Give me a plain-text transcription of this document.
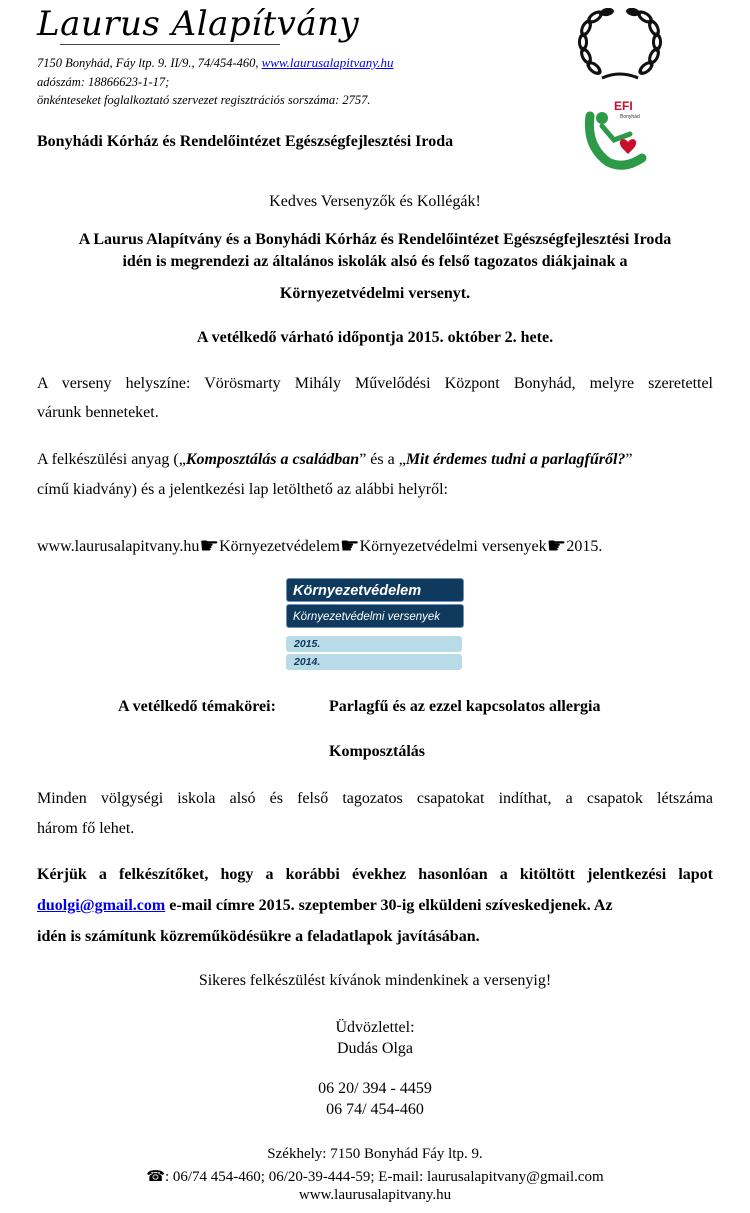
Laurus Alapítvány
7150 Bonyhád, Fáy ltp. 9. II/9., 74/454-460, www.laurusalapitvany.hu
adószám: 18866623-1-17;
önkénteseket foglalkoztató szervezet regisztrációs sorszáma: 2757.
Bonyhádi Kórház és Rendelőintézet Egészségfejlesztési Iroda
EFI
Bonyhád
Kedves Versenyzők és Kollégák!
A Laurus Alapítvány és a Bonyhádi Kórház és Rendelőintézet Egészségfejlesztési Iroda
idén is megrendezi az általános iskolák alsó és felső tagozatos diákjainak a
Környezetvédelmi versenyt.
A vetélkedő várható időpontja 2015. október 2. hete.
A verseny helyszíne: Vörösmarty Mihály Művelődési Központ Bonyhád, melyre szeretettel
várunk benneteket.
A felkészülési anyag („Komposztálás a családban” és a „Mit érdemes tudni a parlagfűről?”
című kiadvány) és a jelentkezési lap letölthető az alábbi helyről:
www.laurusalapitvany.hu☛Környezetvédelem☛Környezetvédelmi versenyek☛2015.
Környezetvédelem
Környezetvédelmi versenyek
2015.
2014.
A vetélkedő témakörei:	Parlagfű és az ezzel kapcsolatos allergia
Komposztálás
Minden völgységi iskola alsó és felső tagozatos csapatokat indíthat, a csapatok létszáma
három fő lehet.
Kérjük a felkészítőket, hogy a korábbi évekhez hasonlóan a kitöltött jelentkezési lapot
duolgi@gmail.com e-mail címre 2015. szeptember 30-ig elküldeni szíveskedjenek. Az
idén is számítunk közreműködésükre a feladatlapok javításában.
Sikeres felkészülést kívánok mindenkinek a versenyig!
Üdvözlettel:
Dudás Olga
06 20/ 394 - 4459
06 74/ 454-460
Székhely: 7150 Bonyhád Fáy ltp. 9.
☎: 06/74 454-460; 06/20-39-444-59; E-mail: laurusalapitvany@gmail.com
www.laurusalapitvany.hu
